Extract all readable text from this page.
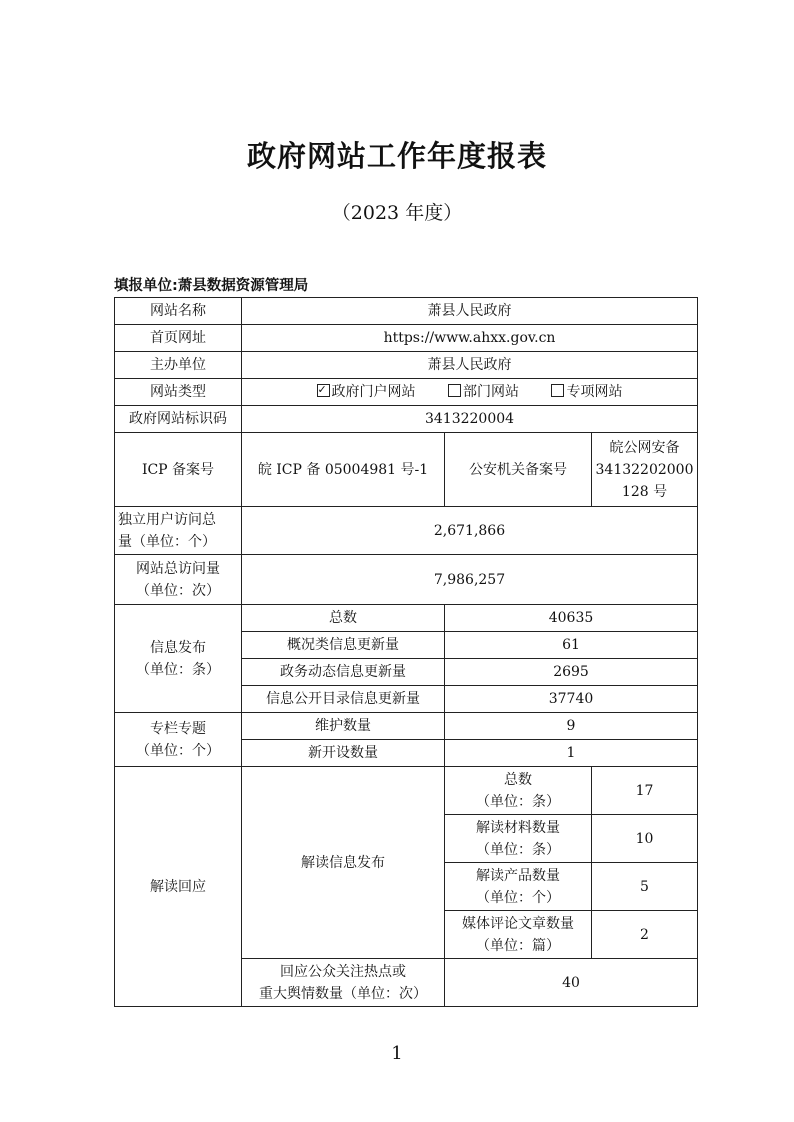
政府网站工作年度报表
（2023 年度）
填报单位:萧县数据资源管理局
网站名称	萧县人民政府		
首页网址	https://www.ahxx.gov.cn		
主办单位	萧县人民政府		
网站类型	✓政府门户网站 部门网站 专项网站
政府网站标识码	3413220004		
ICP 备案号	皖 ICP 备 05004981 号-1	公安机关备案号	皖公网安备
34132202000
128 号

独立用户访问总
量（单位：个）	2,671,866		

网站总访问量
（单位：次）	7,986,257		

信息发布
（单位：条）	总数	40635	
	概况类信息更新量	61	
	政务动态信息更新量	2695	
	信息公开目录信息更新量	37740	

专栏专题
（单位：个）	维护数量	9	
	新开设数量	1	
解读回应	解读信息发布	总数
（单位：条）	17

		解读材料数量
（单位：条）	10

		解读产品数量
（单位：个）	5

		媒体评论文章数量
（单位：篇）	2

	回应公众关注热点或
重大舆情数量（单位：次）	40	
1
